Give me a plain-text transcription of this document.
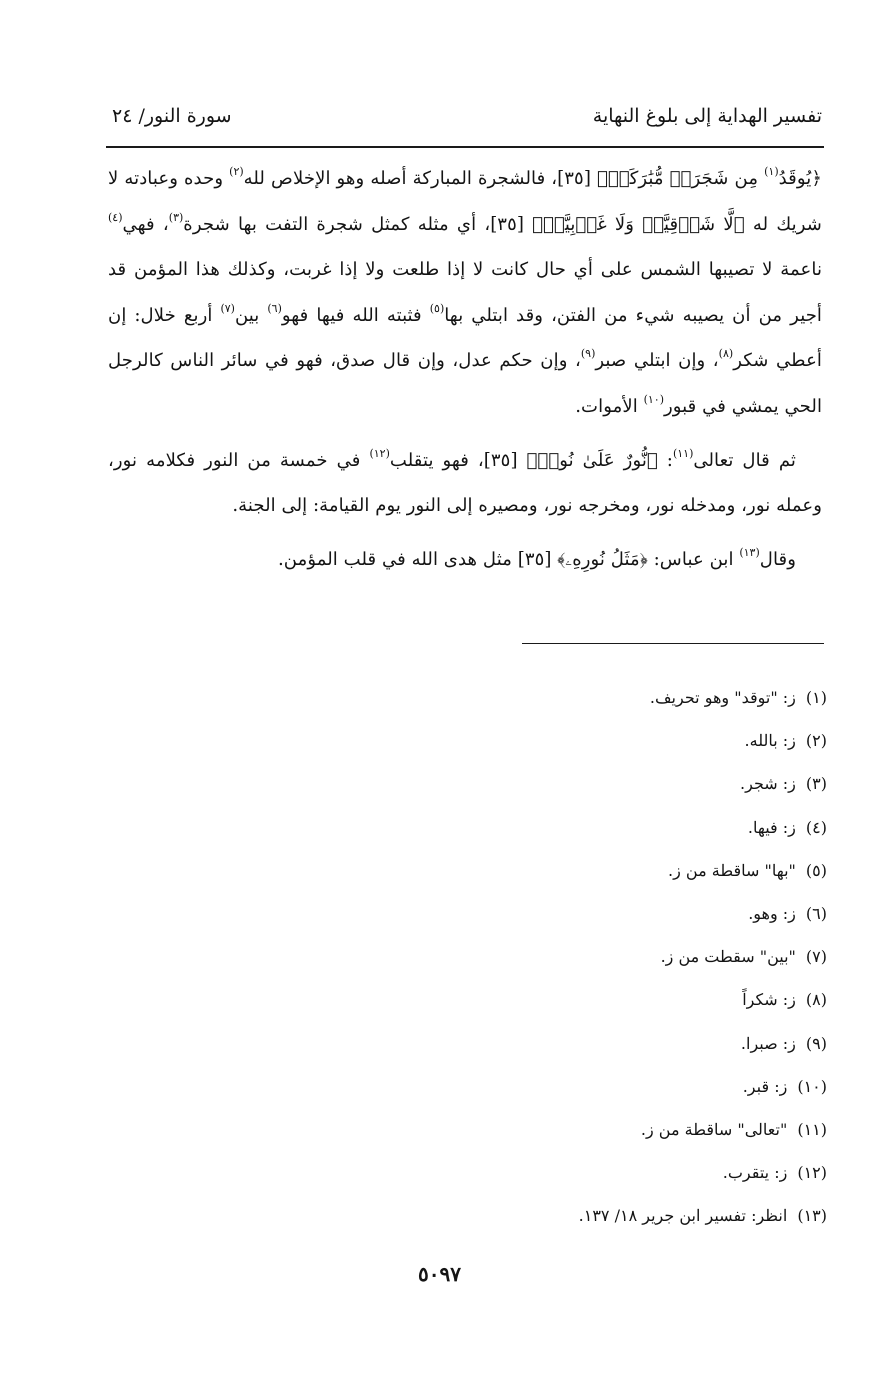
تفسير الهداية إلى بلوغ النهاية
سورة النور/ ٢٤

﴿يُوقَدُ$^{(١)}$ مِن شَجَرَةٖ مُّبَٰرَكَةٖ﴾ [٣٥]، فالشجرة المباركة أصله وهو الإخلاص لله$^{(٢)}$ وحده وعبادته لا شريك له ﴿لَّا شَرۡقِيَّةٖ وَلَا غَرۡبِيَّةٖ﴾ [٣٥]، أي مثله كمثل شجرة التفت بها شجرة$^{(٣)}$، فهي$^{(٤)}$ ناعمة لا تصيبها الشمس على أي حال كانت لا إذا طلعت ولا إذا غربت، وكذلك هذا المؤمن قد أجير من أن يصيبه شيء من الفتن، وقد ابتلي بها$^{(٥)}$ فثبته الله فيها فهو$^{(٦)}$ بين$^{(٧)}$ أربع خلال: إن أعطي شكر$^{(٨)}$، وإن ابتلي صبر$^{(٩)}$، وإن حكم عدل، وإن قال صدق، فهو في سائر الناس كالرجل الحي يمشي في قبور$^{(١٠)}$ الأموات.

ثم قال تعالى$^{(١١)}$: ﴿نُّورٌ عَلَىٰ نُورٖ﴾ [٣٥]، فهو يتقلب$^{(١٢)}$ في خمسة من النور فكلامه نور، وعمله نور، ومدخله نور، ومخرجه نور، ومصيره إلى النور يوم القيامة: إلى الجنة.

وقال$^{(١٣)}$ ابن عباس: ﴿مَثَلُ نُورِهِۦ﴾ [٣٥] مثل هدى الله في قلب المؤمن.

(١)ز: "توقد" وهو تحريف.
(٢)ز: بالله.
(٣)ز: شجر.
(٤)ز: فيها.
(٥)"بها" ساقطة من ز.
(٦)ز: وهو.
(٧)"بين" سقطت من ز.
(٨)ز: شكراً
(٩)ز: صبرا.
(١٠)ز: قبر.
(١١)"تعالى" ساقطة من ز.
(١٢)ز: يتقرب.
(١٣)انظر: تفسير ابن جرير ١٨/ ١٣٧.
٥٠٩٧
